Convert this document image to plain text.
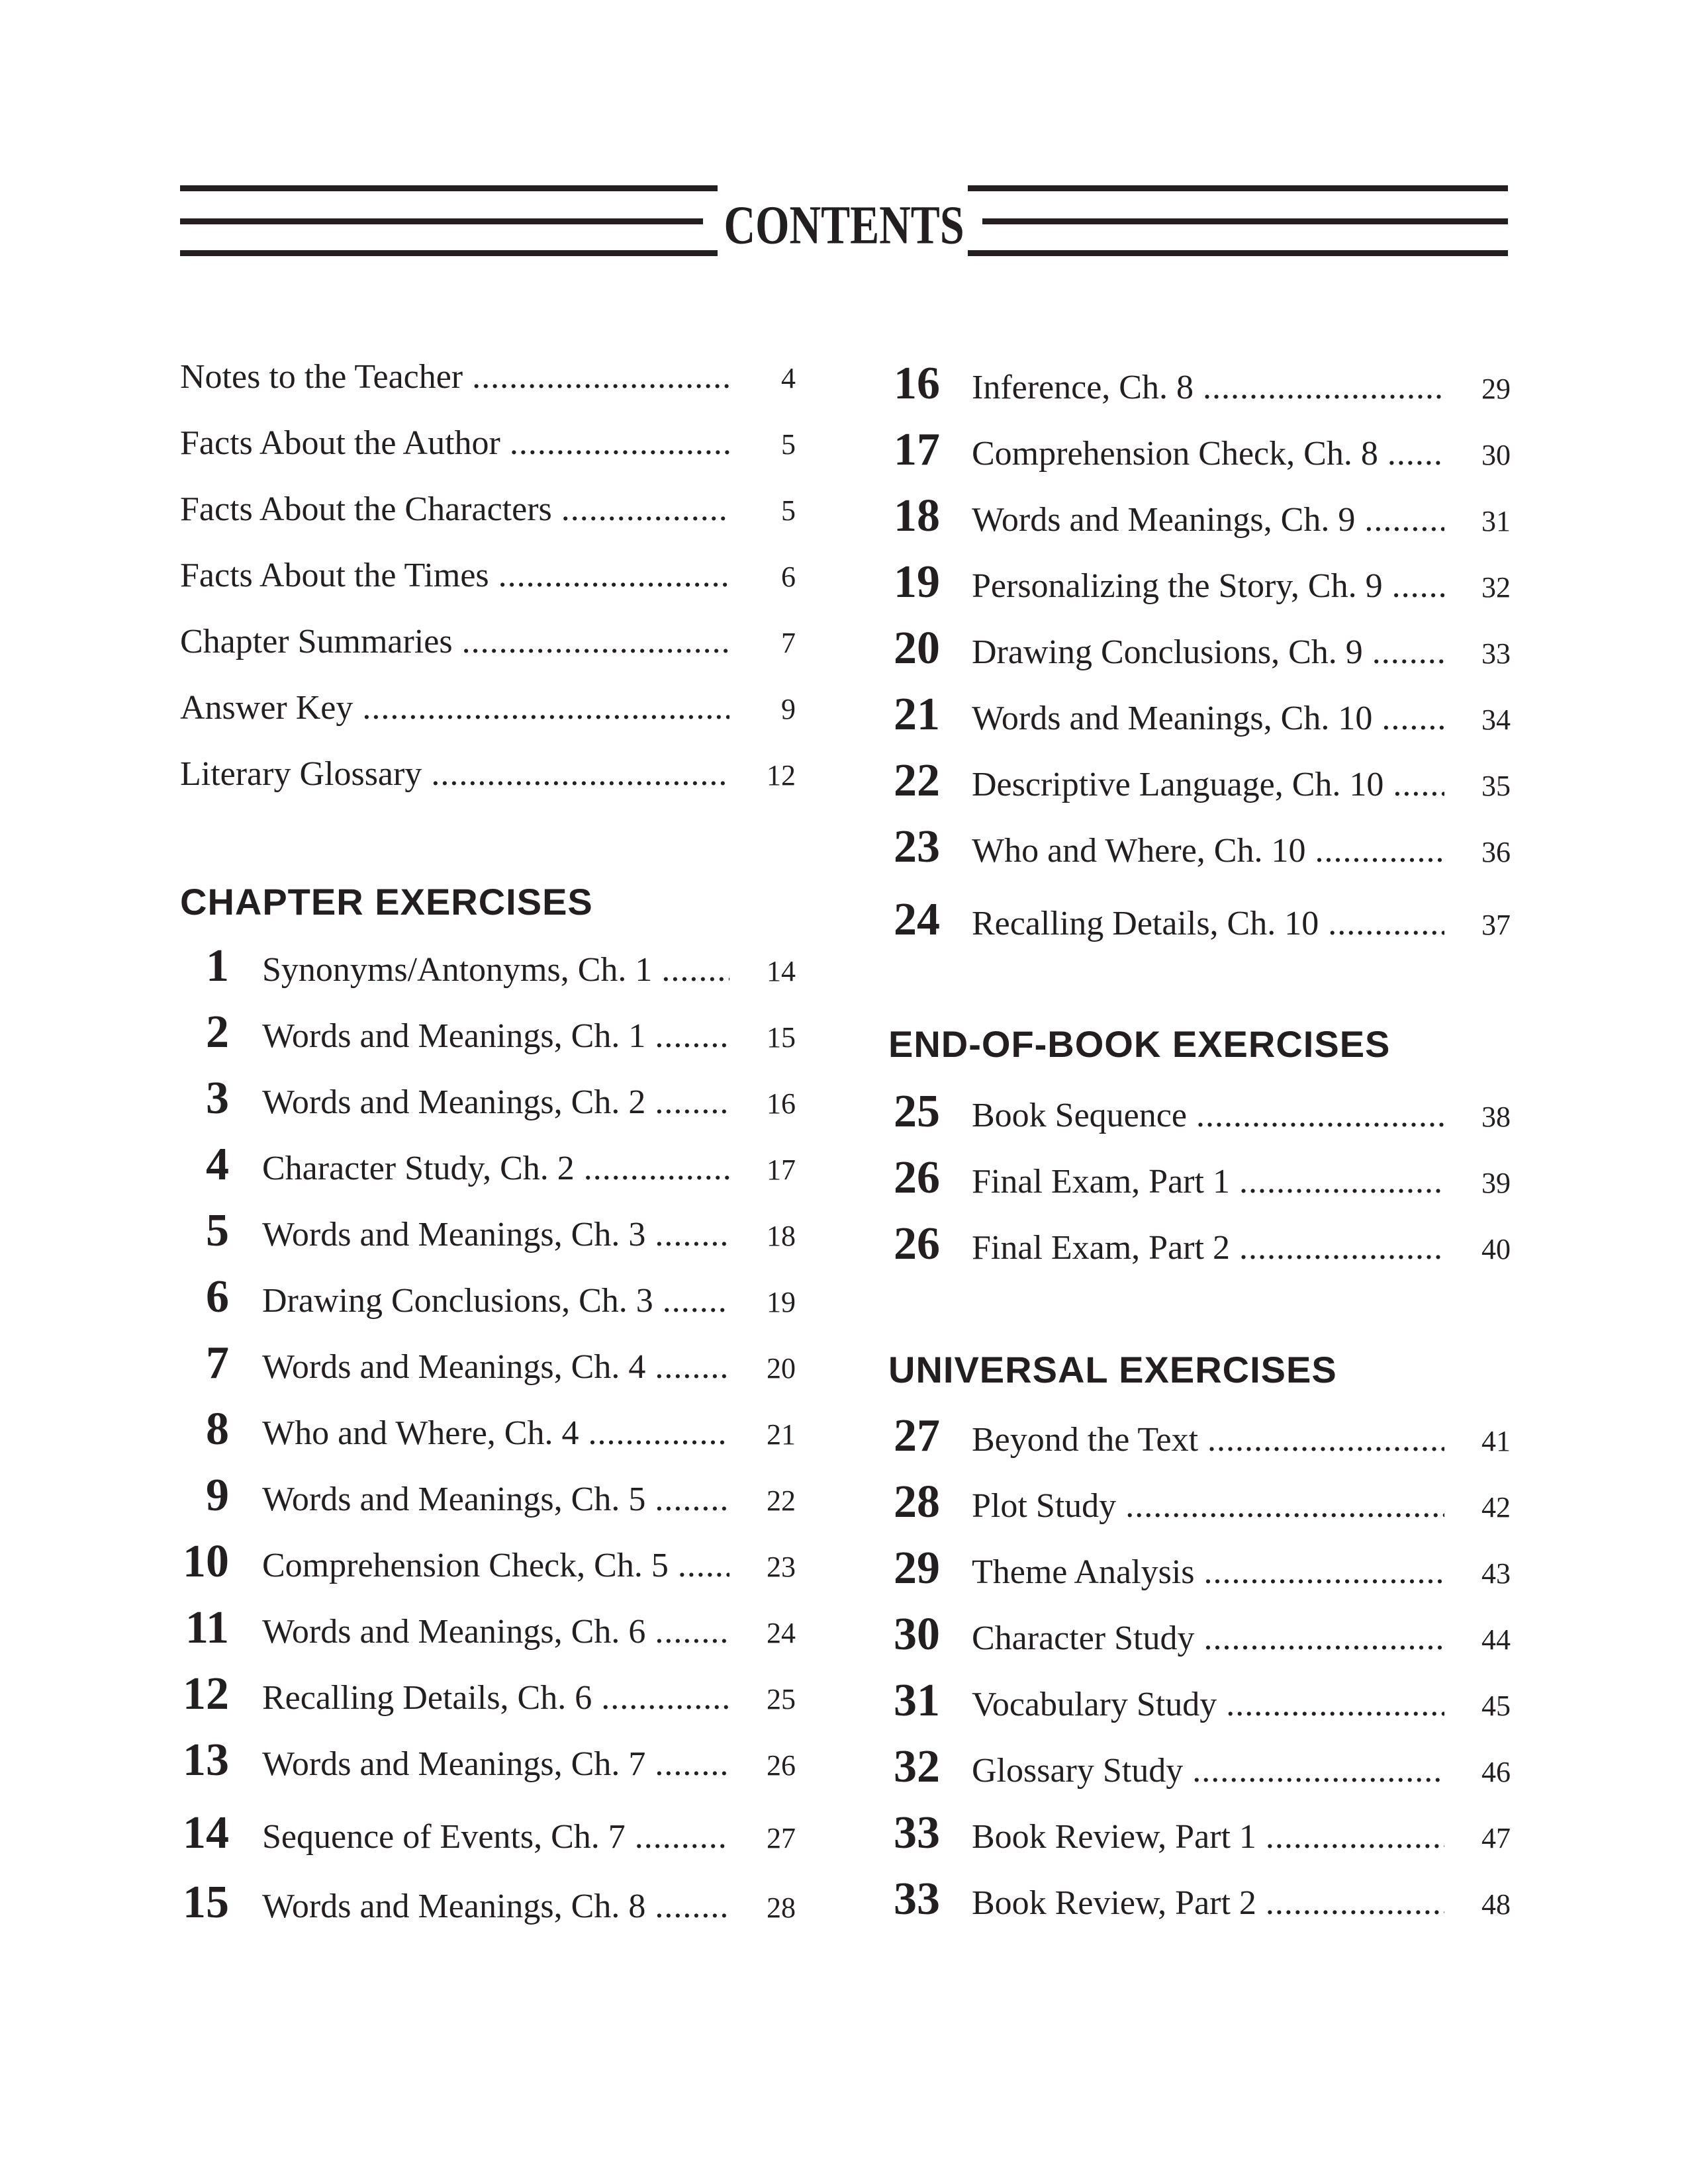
CONTENTS
Notes to the Teacher .....	4
Facts About the Author .....	5
Facts About the Characters .....	5
Facts About the Times .....	6
Chapter Summaries .....	7
Answer Key .....	9
Literary Glossary .....	12
CHAPTER EXERCISES
1 Synonyms/Antonyms, Ch. 1 .....	14
2 Words and Meanings, Ch. 1 .....	15
3 Words and Meanings, Ch. 2 .....	16
4 Character Study, Ch. 2 .....	17
5 Words and Meanings, Ch. 3 .....	18
6 Drawing Conclusions, Ch. 3 .....	19
7 Words and Meanings, Ch. 4 .....	20
8 Who and Where, Ch. 4 .....	21
9 Words and Meanings, Ch. 5 .....	22
10 Comprehension Check, Ch. 5 .....	23
11 Words and Meanings, Ch. 6 .....	24
12 Recalling Details, Ch. 6 .....	25
13 Words and Meanings, Ch. 7 .....	26
14 Sequence of Events, Ch. 7 .....	27
15 Words and Meanings, Ch. 8 .....	28
16 Inference, Ch. 8 .....	29
17 Comprehension Check, Ch. 8 .....	30
18 Words and Meanings, Ch. 9 .....	31
19 Personalizing the Story, Ch. 9 .....	32
20 Drawing Conclusions, Ch. 9 .....	33
21 Words and Meanings, Ch. 10 .....	34
22 Descriptive Language, Ch. 10 .....	35
23 Who and Where, Ch. 10 .....	36
24 Recalling Details, Ch. 10 .....	37
END-OF-BOOK EXERCISES
25 Book Sequence .....	38
26 Final Exam, Part 1 .....	39
26 Final Exam, Part 2 .....	40
UNIVERSAL EXERCISES
27 Beyond the Text .....	41
28 Plot Study .....	42
29 Theme Analysis .....	43
30 Character Study .....	44
31 Vocabulary Study .....	45
32 Glossary Study .....	46
33 Book Review, Part 1 .....	47
33 Book Review, Part 2 .....	48
